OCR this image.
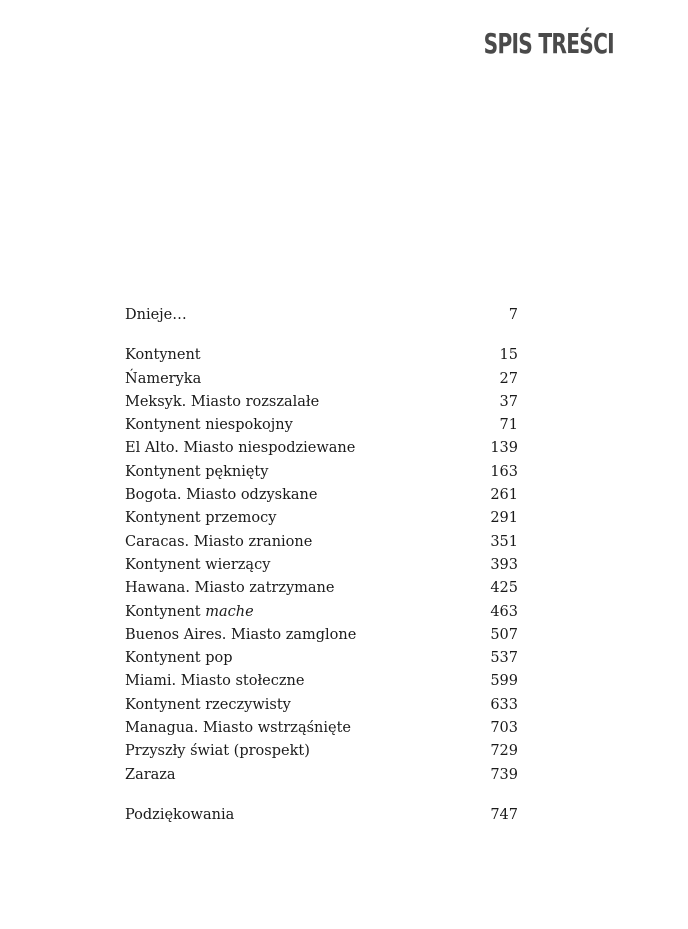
SPIS TREŚCI
Dnieje…	7
Kontynent	15
Ńameryka	27
Meksyk. Miasto rozszalałe	37
Kontynent niespokojny	71
El Alto. Miasto niespodziewane	139
Kontynent pęknięty	163
Bogota. Miasto odzyskane	261
Kontynent przemocy	291
Caracas. Miasto zranione	351
Kontynent wierzący	393
Hawana. Miasto zatrzymane	425
Kontynent mache	463
Buenos Aires. Miasto zamglone	507
Kontynent pop	537
Miami. Miasto stołeczne	599
Kontynent rzeczywisty	633
Managua. Miasto wstrząśnięte	703
Przyszły świat (prospekt)	729
Zaraza	739
Podziękowania	747
